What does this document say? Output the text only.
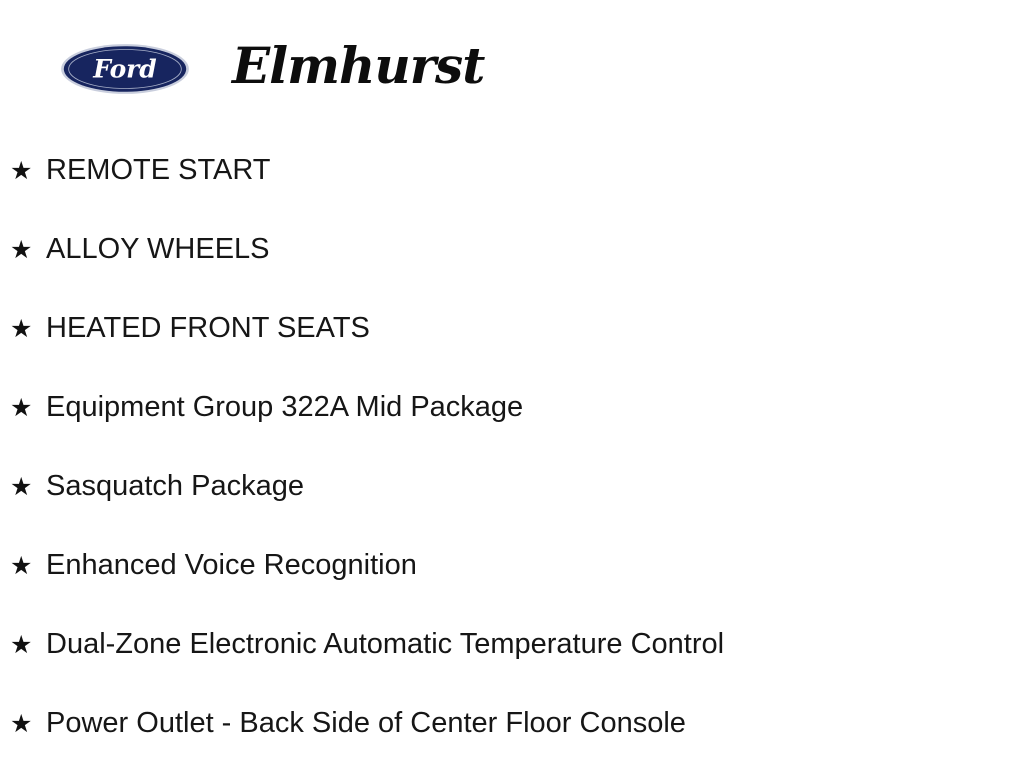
Ford Elmhurst
★ REMOTE START
★ ALLOY WHEELS
★ HEATED FRONT SEATS
★ Equipment Group 322A Mid Package
★ Sasquatch Package
★ Enhanced Voice Recognition
★ Dual-Zone Electronic Automatic Temperature Control
★ Power Outlet - Back Side of Center Floor Console
